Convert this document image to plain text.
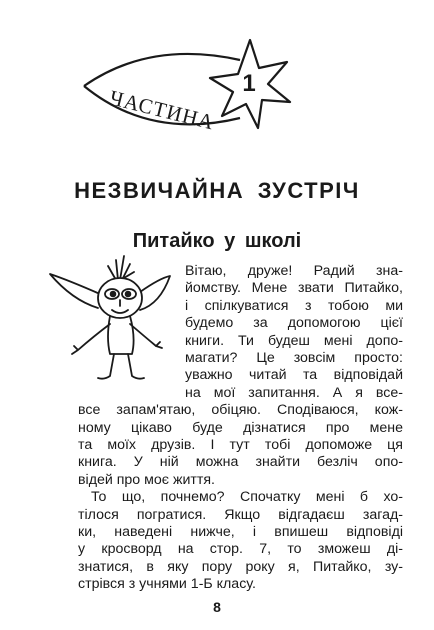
ЧАСТИНА
1
НЕЗВИЧАЙНА ЗУСТРІЧ
Питайко у школі
Вітаю, друже! Радий зна-
йомству. Мене звати Питайко,
і спілкуватися з тобою ми
будемо за допомогою цієї
книги. Ти будеш мені допо-
магати? Це зовсім просто:
уважно читай та відповідай
на мої запитання. А я все-
все запам'ятаю, обіцяю. Сподіваюся, кож-
ному цікаво буде дізнатися про мене
та моїх друзів. І тут тобі допоможе ця
книга. У ній можна знайти безліч опо-
відей про моє життя.
То що, почнемо? Спочатку мені б хо-
тілося погратися. Якщо відгадаєш загад-
ки, наведені нижче, і впишеш відповіді
у кросворд на стор. 7, то зможеш ді-
знатися, в яку пору року я, Питайко, зу-
стрівся з учнями 1-Б класу.
8
